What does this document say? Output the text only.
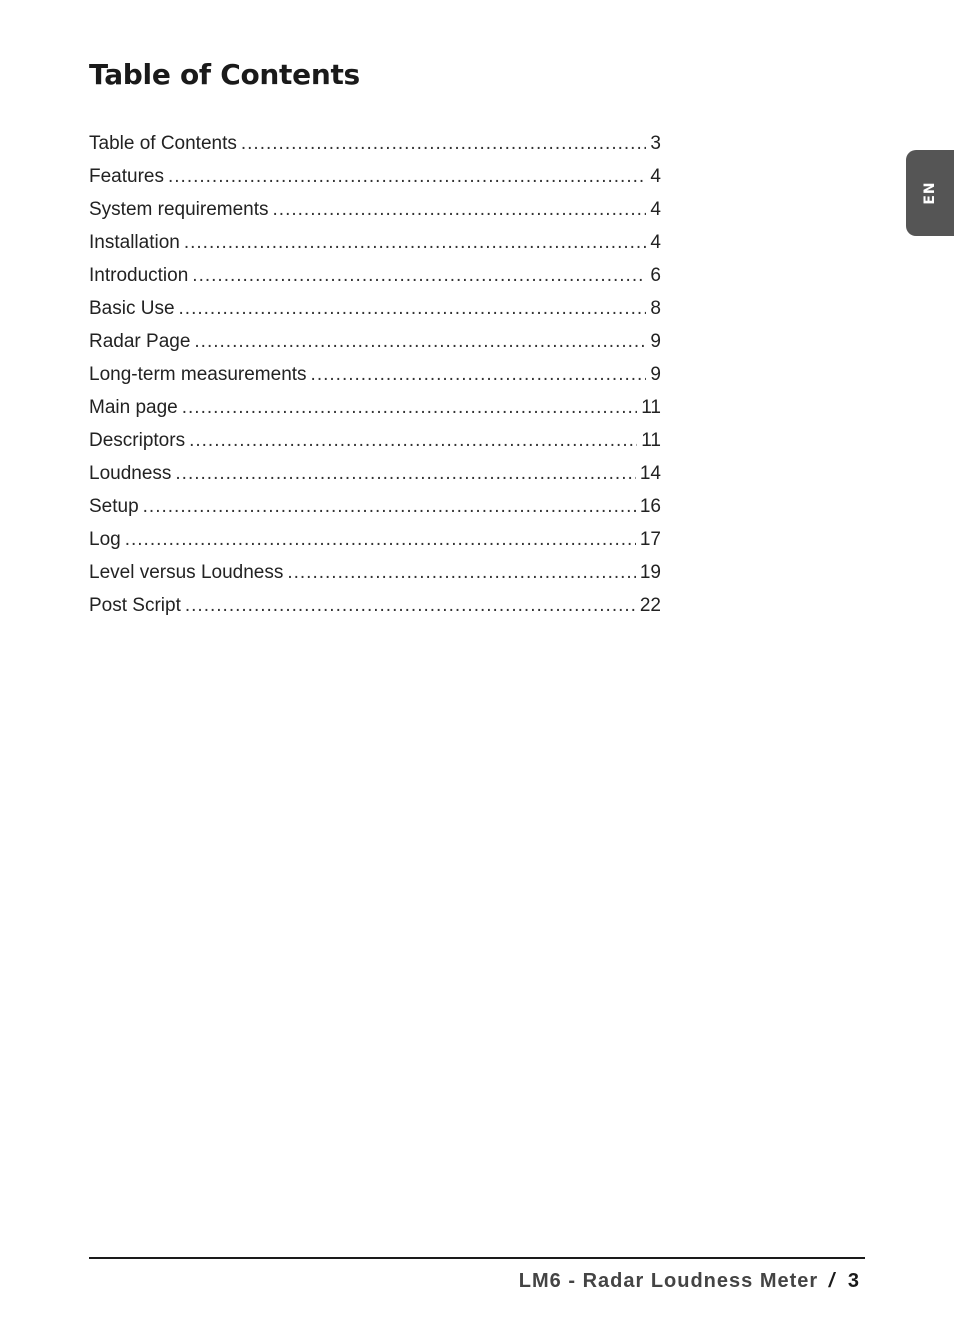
Table of Contents
Table of Contents .....	3
Features .....	4
System requirements .....	4
Installation .....	4
Introduction .....	6
Basic Use .....	8
Radar Page .....	9
Long-term measurements .....	9
Main page .....	11
Descriptors .....	11
Loudness .....	14
Setup .....	16
Log .....	17
Level versus Loudness .....	19
Post Script .....	22
EN
LM6 - Radar Loudness Meter / 3
